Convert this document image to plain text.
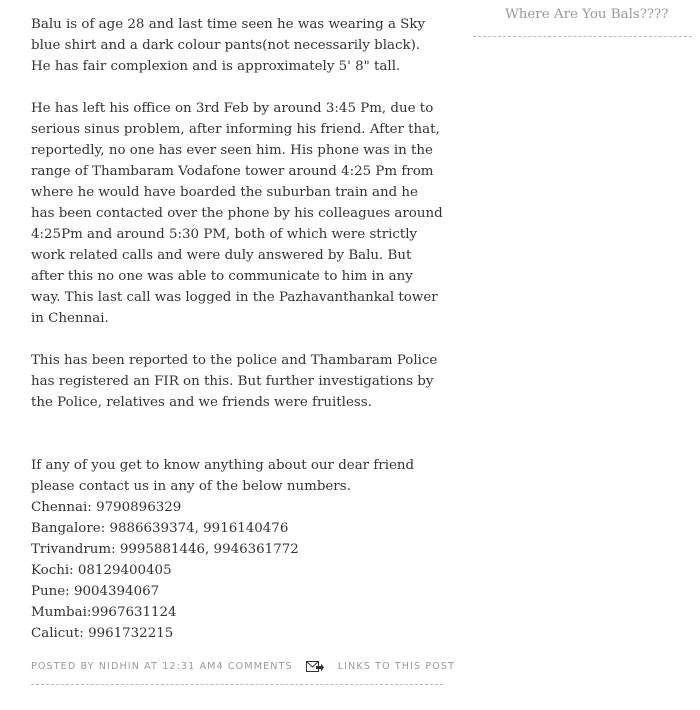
Where Are You Bals????

Balu is of age 28 and last time seen he was wearing a Sky blue shirt and a dark colour pants(not necessarily black). He has fair complexion and is approximately 5' 8" tall.

He has left his office on 3rd Feb by around 3:45 Pm, due to serious sinus problem, after informing his friend. After that, reportedly, no one has ever seen him. His phone was in the range of Thambaram Vodafone tower around 4:25 Pm from where he would have boarded the suburban train and he has been contacted over the phone by his colleagues around 4:25Pm and around 5:30 PM, both of which were strictly work related calls and were duly answered by Balu. But after this no one was able to communicate to him in any way. This last call was logged in the Pazhavanthankal tower in Chennai.

This has been reported to the police and Thambaram Police has registered an FIR on this. But further investigations by the Police, relatives and we friends were fruitless.

If any of you get to know anything about our dear friend please contact us in any of the below numbers.
Chennai: 9790896329
Bangalore: 9886639374, 9916140476
Trivandrum: 9995881446, 9946361772
Kochi: 08129400405
Pune: 9004394067
Mumbai:9967631124
Calicut: 9961732215

POSTED BY
NIDHIN
AT
12:31 AM 4 COMMENTS	LINKS TO THIS POST
